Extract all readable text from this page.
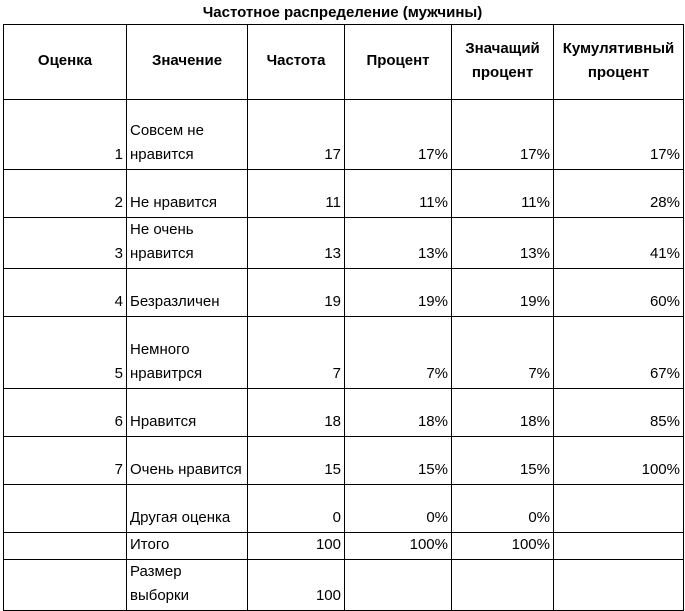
Частотное распределение (мужчины)
Оценка	Значение	Частота	Процент	Значащий процент	Кумулятивный процент
1	Совсем не нравится	17	17%	17%	17%
2	Не нравится	11	11%	11%	28%
3	Не очень нравится	13	13%	13%	41%
4	Безразличен	19	19%	19%	60%
5	Немного нравитрся	7	7%	7%	67%
6	Нравится	18	18%	18%	85%
7	Очень нравится	15	15%	15%	100%
	Другая оценка	0	0%	0%	
	Итого	100	100%	100%	
	Размер выборки	100			
